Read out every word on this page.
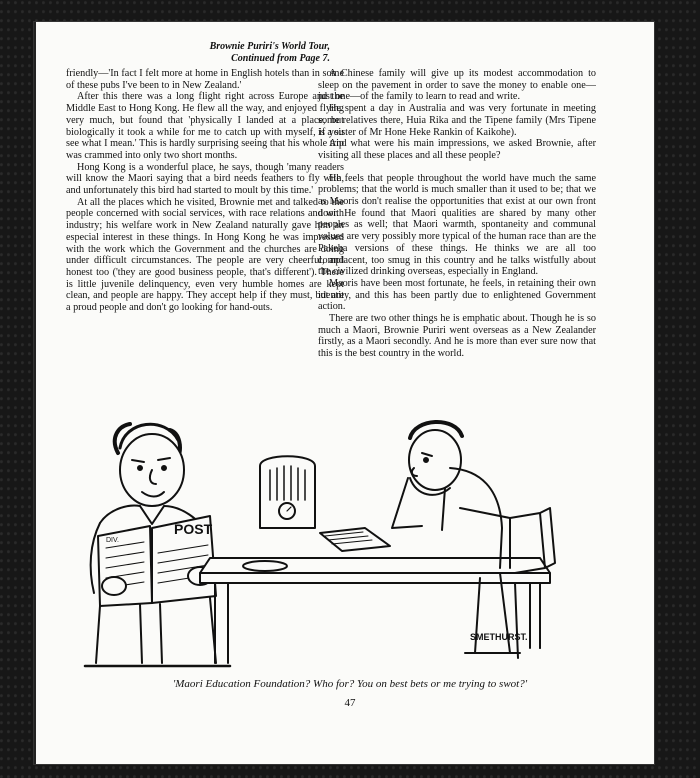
Brownie Puriri's World Tour,
Continued from Page 7.

friendly—'In fact I felt more at home in English hotels than in some of these pubs I've been to in New Zealand.'

After this there was a long flight right across Europe and the Middle East to Hong Kong. He flew all the way, and enjoyed flying very much, but found that 'physically I landed at a place, but biologically it took a while for me to catch up with myself, if you see what I mean.' This is hardly surprising seeing that his whole trip was crammed into only two short months.

Hong Kong is a wonderful place, he says, though 'many readers will know the Maori saying that a bird needs feathers to fly with, and unfortunately this bird had started to moult by this time.'

At all the places which he visited, Brownie met and talked to the people concerned with social services, with race relations and with industry; his welfare work in New Zealand naturally gave him an especial interest in these things. In Hong Kong he was impressed with the work which the Government and the churches are doing under difficult circumstances. The people are very cheerful, and honest too ('they are good business people, that's different'). There is little juvenile delinquency, even very humble homes are kept clean, and people are happy. They accept help if they must, but are a proud people and don't go looking for hand-outs.

A Chinese family will give up its modest accommodation to sleep on the pavement in order to save the money to enable one—just one—of the family to learn to read and write.

He spent a day in Australia and was very fortunate in meeting some relatives there, Huia Rika and the Tipene family (Mrs Tipene is a sister of Mr Hone Heke Rankin of Kaikohe).

And what were his main impressions, we asked Brownie, after visiting all these places and all these people?

He feels that people throughout the world have much the same problems; that the world is much smaller than it used to be; that we as Maoris don't realise the opportunities that exist at our own front door. He found that Maori qualities are shared by many other peoples as well; that Maori warmth, spontaneity and communal values are very possibly more typical of the human race than are the Pakeha versions of these things. He thinks we are all too complacent, too smug in this country and he talks wistfully about the civilized drinking overseas, especially in England.

Maoris have been most fortunate, he feels, in retaining their own identity, and this has been partly due to enlightened Government action.

There are two other things he is emphatic about. Though he is so much a Maori, Brownie Puriri went overseas as a New Zealander firstly, as a Maori secondly. And he is more than ever sure now that this is the best country in the world.

POST
DIV.
SMETHURST.
'Maori Education Foundation? Who for? You on best bets or me trying to swot?'
47
